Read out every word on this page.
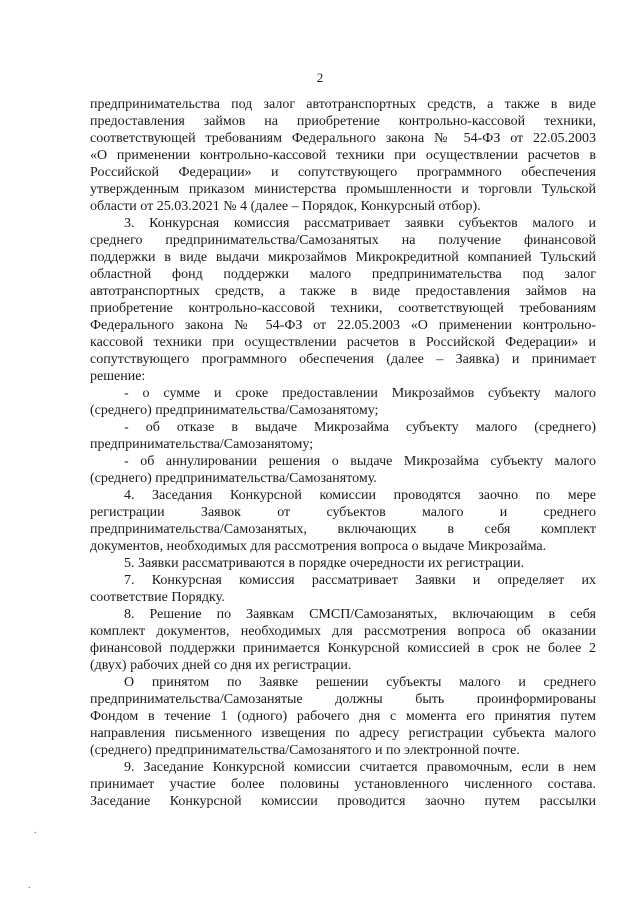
2

предпринимательства под залог автотранспортных средств, а также в виде

предоставления займов на приобретение контрольно-кассовой техники,

соответствующей требованиям Федерального закона № 54-ФЗ от 22.05.2003

«О применении контрольно-кассовой техники при осуществлении расчетов в

Российской Федерации» и сопутствующего программного обеспечения

утвержденным приказом министерства промышленности и торговли Тульской

области от 25.03.2021 № 4 (далее – Порядок, Конкурсный отбор).

3. Конкурсная комиссия рассматривает заявки субъектов малого и

среднего предпринимательства/Самозанятых на получение финансовой

поддержки в виде выдачи микрозаймов Микрокредитной компанией Тульский

областной фонд поддержки малого предпринимательства под залог

автотранспортных средств, а также в виде предоставления займов на

приобретение контрольно-кассовой техники, соответствующей требованиям

Федерального закона № 54-ФЗ от 22.05.2003 «О применении контрольно-

кассовой техники при осуществлении расчетов в Российской Федерации» и

сопутствующего программного обеспечения (далее – Заявка) и принимает

решение:

- о сумме и сроке предоставлении Микрозаймов субъекту малого

(среднего) предпринимательства/Самозанятому;

- об отказе в выдаче Микрозайма субъекту малого (среднего)

предпринимательства/Самозанятому;

- об аннулировании решения о выдаче Микрозайма субъекту малого

(среднего) предпринимательства/Самозанятому.

4. Заседания Конкурсной комиссии проводятся заочно по мере

регистрации Заявок от субъектов малого и среднего

предпринимательства/Самозанятых, включающих в себя комплект

документов, необходимых для рассмотрения вопроса о выдаче Микрозайма.

5. Заявки рассматриваются в порядке очередности их регистрации.

7. Конкурсная комиссия рассматривает Заявки и определяет их

соответствие Порядку.

8. Решение по Заявкам СМСП/Самозанятых, включающим в себя

комплект документов, необходимых для рассмотрения вопроса об оказании

финансовой поддержки принимается Конкурсной комиссией в срок не более 2

(двух) рабочих дней со дня их регистрации.

О принятом по Заявке решении субъекты малого и среднего

предпринимательства/Самозанятые должны быть проинформированы

Фондом в течение 1 (одного) рабочего дня с момента его принятия путем

направления письменного извещения по адресу регистрации субъекта малого

(среднего) предпринимательства/Самозанятого и по электронной почте.

9. Заседание Конкурсной комиссии считается правомочным, если в нем

принимает участие более половины установленного численного состава.

Заседание Конкурсной комиссии проводится заочно путем рассылки

.
.
